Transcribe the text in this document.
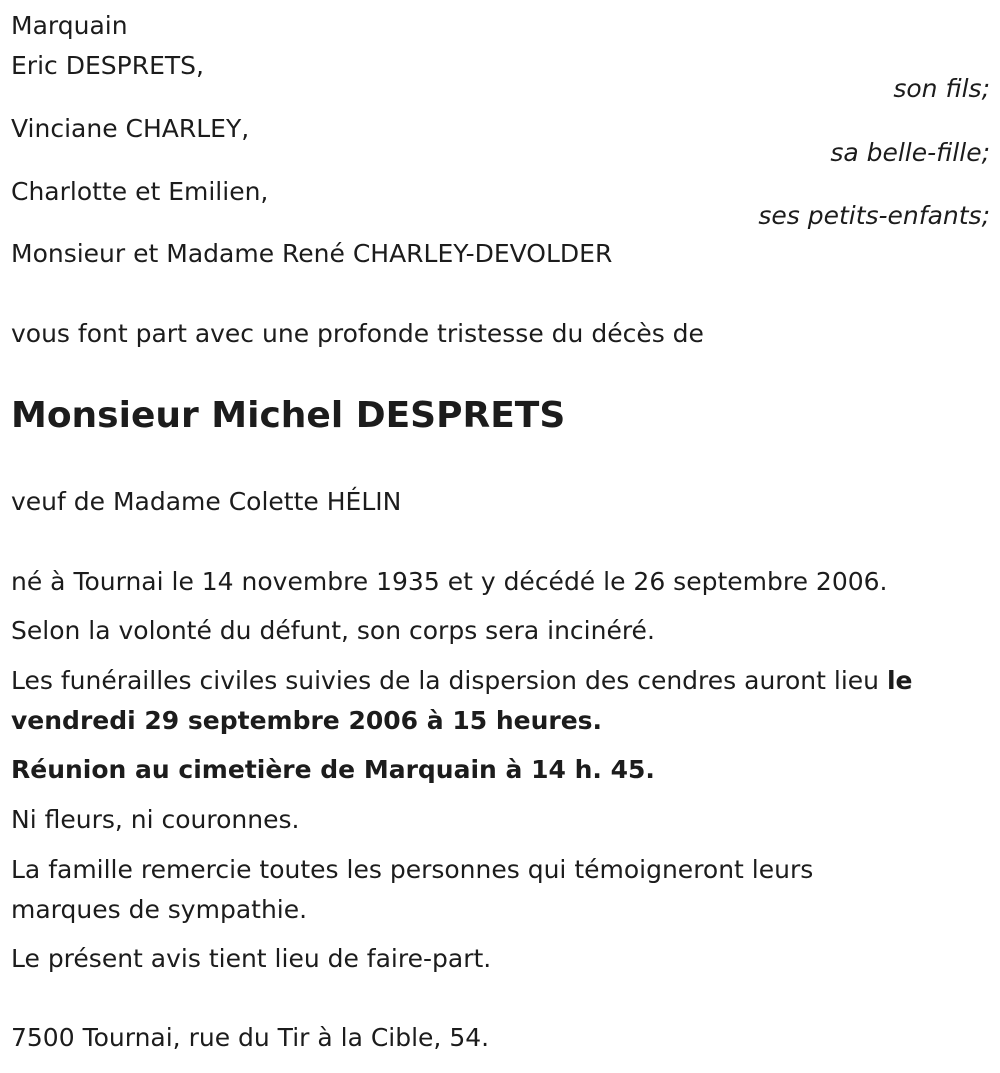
Marquain
Eric DESPRETS,
son fils;
Vinciane CHARLEY,
sa belle-fille;
Charlotte et Emilien,
ses petits-enfants;
Monsieur et Madame René CHARLEY-DEVOLDER
vous font part avec une profonde tristesse du décès de
Monsieur Michel DESPRETS
veuf de Madame Colette HÉLIN
né à Tournai le 14 novembre 1935 et y décédé le 26 septembre 2006.
Selon la volonté du défunt, son corps sera incinéré.
Les funérailles civiles suivies de la dispersion des cendres auront lieu le
vendredi 29 septembre 2006 à 15 heures.
Réunion au cimetière de Marquain à 14 h. 45.
Ni fleurs, ni couronnes.
La famille remercie toutes les personnes qui témoigneront leurs
marques de sympathie.
Le présent avis tient lieu de faire-part.
7500 Tournai, rue du Tir à la Cible, 54.
